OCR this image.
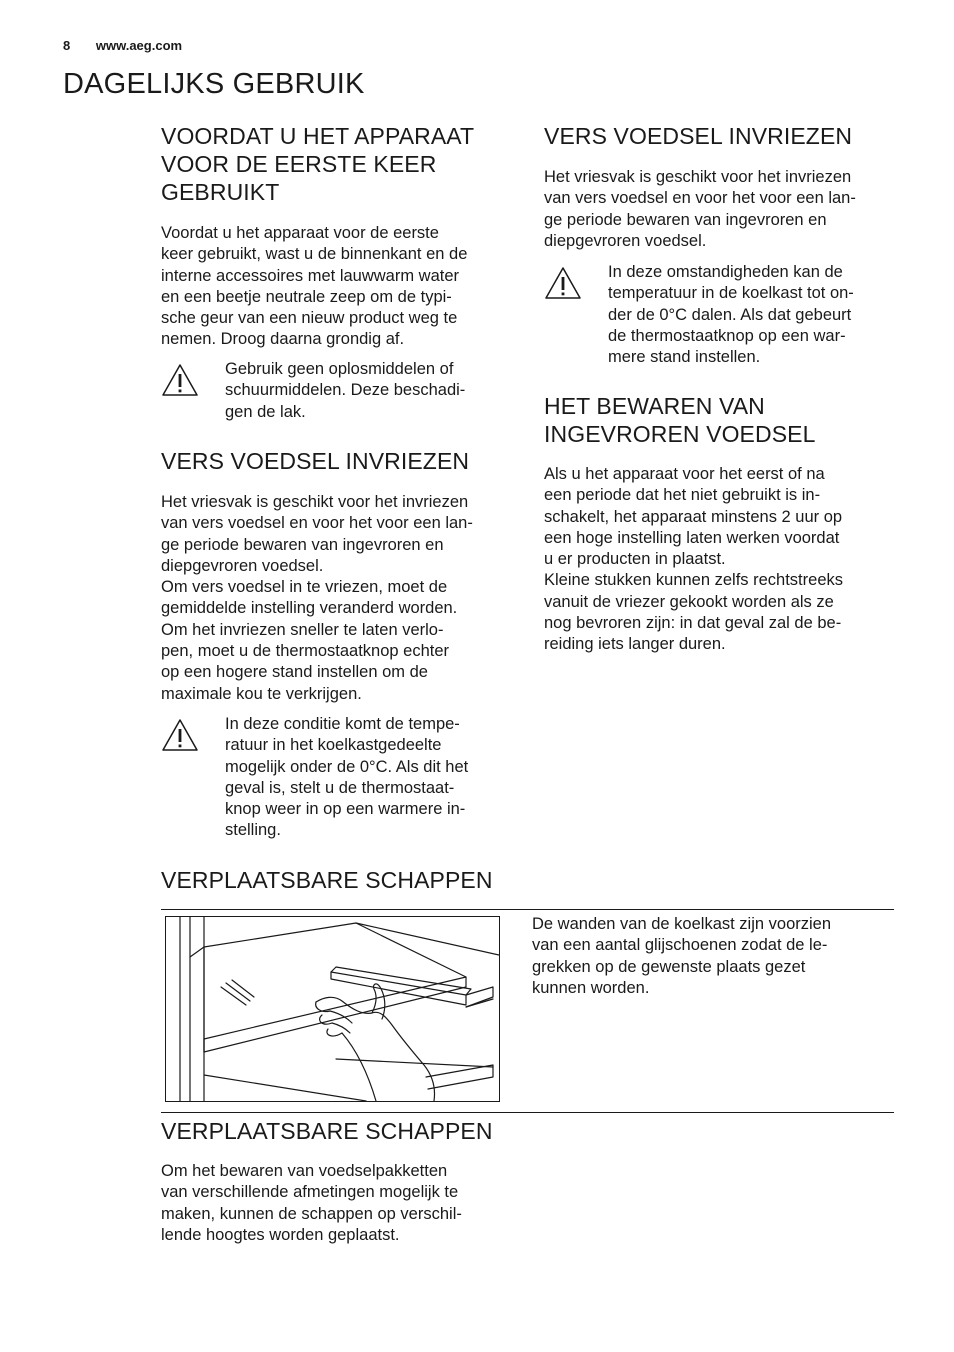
8 www.aeg.com
DAGELIJKS GEBRUIK
VOORDAT U HET APPARAAT
VOOR DE EERSTE KEER
GEBRUIKT

Voordat u het apparaat voor de eerste
keer gebruikt, wast u de binnenkant en de
interne accessoires met lauwwarm water
en een beetje neutrale zeep om de typi-
sche geur van een nieuw product weg te
nemen. Droog daarna grondig af.

Gebruik geen oplosmiddelen of
schuurmiddelen. Deze beschadi-
gen de lak.

VERS VOEDSEL INVRIEZEN

Het vriesvak is geschikt voor het invriezen
van vers voedsel en voor het voor een lan-
ge periode bewaren van ingevroren en
diepgevroren voedsel.
Om vers voedsel in te vriezen, moet de
gemiddelde instelling veranderd worden.
Om het invriezen sneller te laten verlo-
pen, moet u de thermostaatknop echter
op een hogere stand instellen om de
maximale kou te verkrijgen.

In deze conditie komt de tempe-
ratuur in het koelkastgedeelte
mogelijk onder de 0°C. Als dit het
geval is, stelt u de thermostaat-
knop weer in op een warmere in-
stelling.

VERS VOEDSEL INVRIEZEN

Het vriesvak is geschikt voor het invriezen
van vers voedsel en voor het voor een lan-
ge periode bewaren van ingevroren en
diepgevroren voedsel.

In deze omstandigheden kan de
temperatuur in de koelkast tot on-
der de 0°C dalen. Als dat gebeurt
de thermostaatknop op een war-
mere stand instellen.

HET BEWAREN VAN
INGEVROREN VOEDSEL

Als u het apparaat voor het eerst of na
een periode dat het niet gebruikt is in-
schakelt, het apparaat minstens 2 uur op
een hoge instelling laten werken voordat
u er producten in plaatst.
Kleine stukken kunnen zelfs rechtstreeks
vanuit de vriezer gekookt worden als ze
nog bevroren zijn: in dat geval zal de be-
reiding iets langer duren.

VERPLAATSBARE SCHAPPEN

De wanden van de koelkast zijn voorzien
van een aantal glijschoenen zodat de le-
grekken op de gewenste plaats gezet
kunnen worden.

VERPLAATSBARE SCHAPPEN

Om het bewaren van voedselpakketten
van verschillende afmetingen mogelijk te
maken, kunnen de schappen op verschil-
lende hoogtes worden geplaatst.
